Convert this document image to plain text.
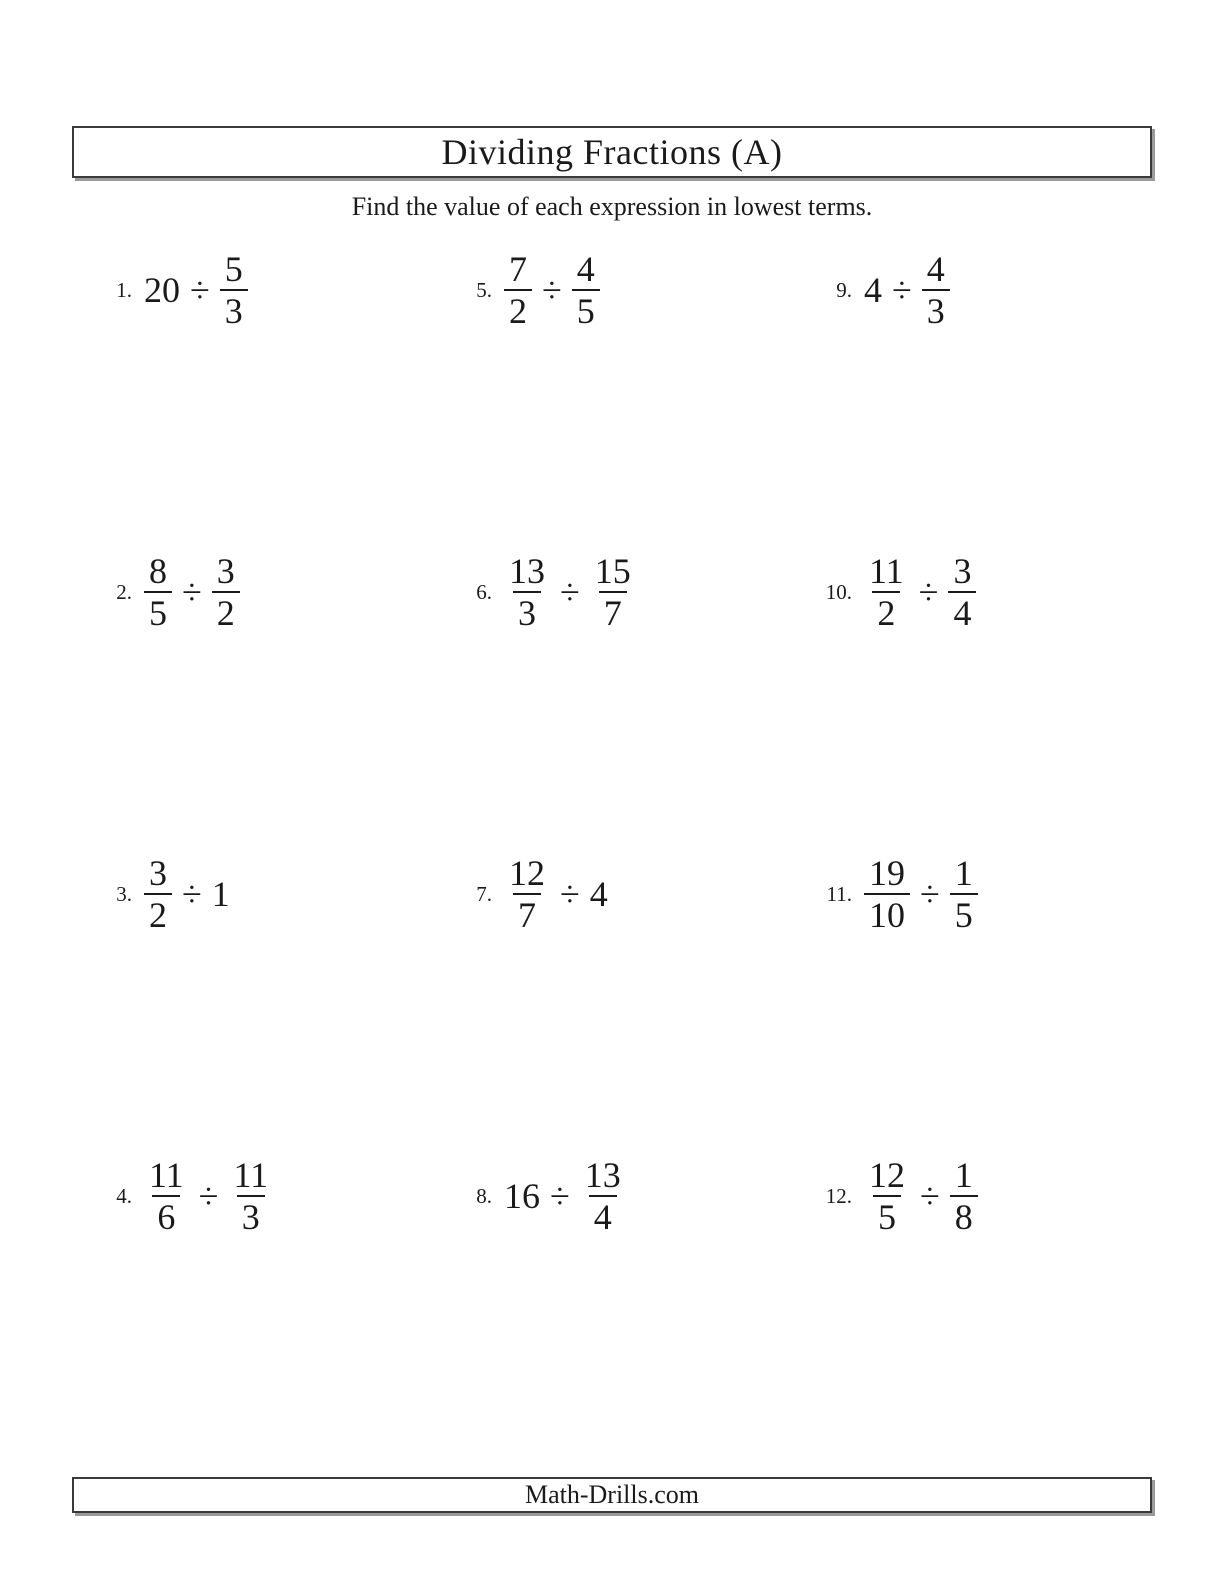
Dividing Fractions (A)
Find the value of each expression in lowest terms.
1. $20 \div \frac{5}{3}$
2. $\frac{8}{5} \div \frac{3}{2}$
3. $\frac{3}{2} \div 1$
4. $\frac{11}{6} \div \frac{11}{3}$
5. $\frac{7}{2} \div \frac{4}{5}$
6. $\frac{13}{3} \div \frac{15}{7}$
7. $\frac{12}{7} \div 4$
8. $16 \div \frac{13}{4}$
9. $4 \div \frac{4}{3}$
10. $\frac{11}{2} \div \frac{3}{4}$
11. $\frac{19}{10} \div \frac{1}{5}$
12. $\frac{12}{5} \div \frac{1}{8}$
Math-Drills.com
